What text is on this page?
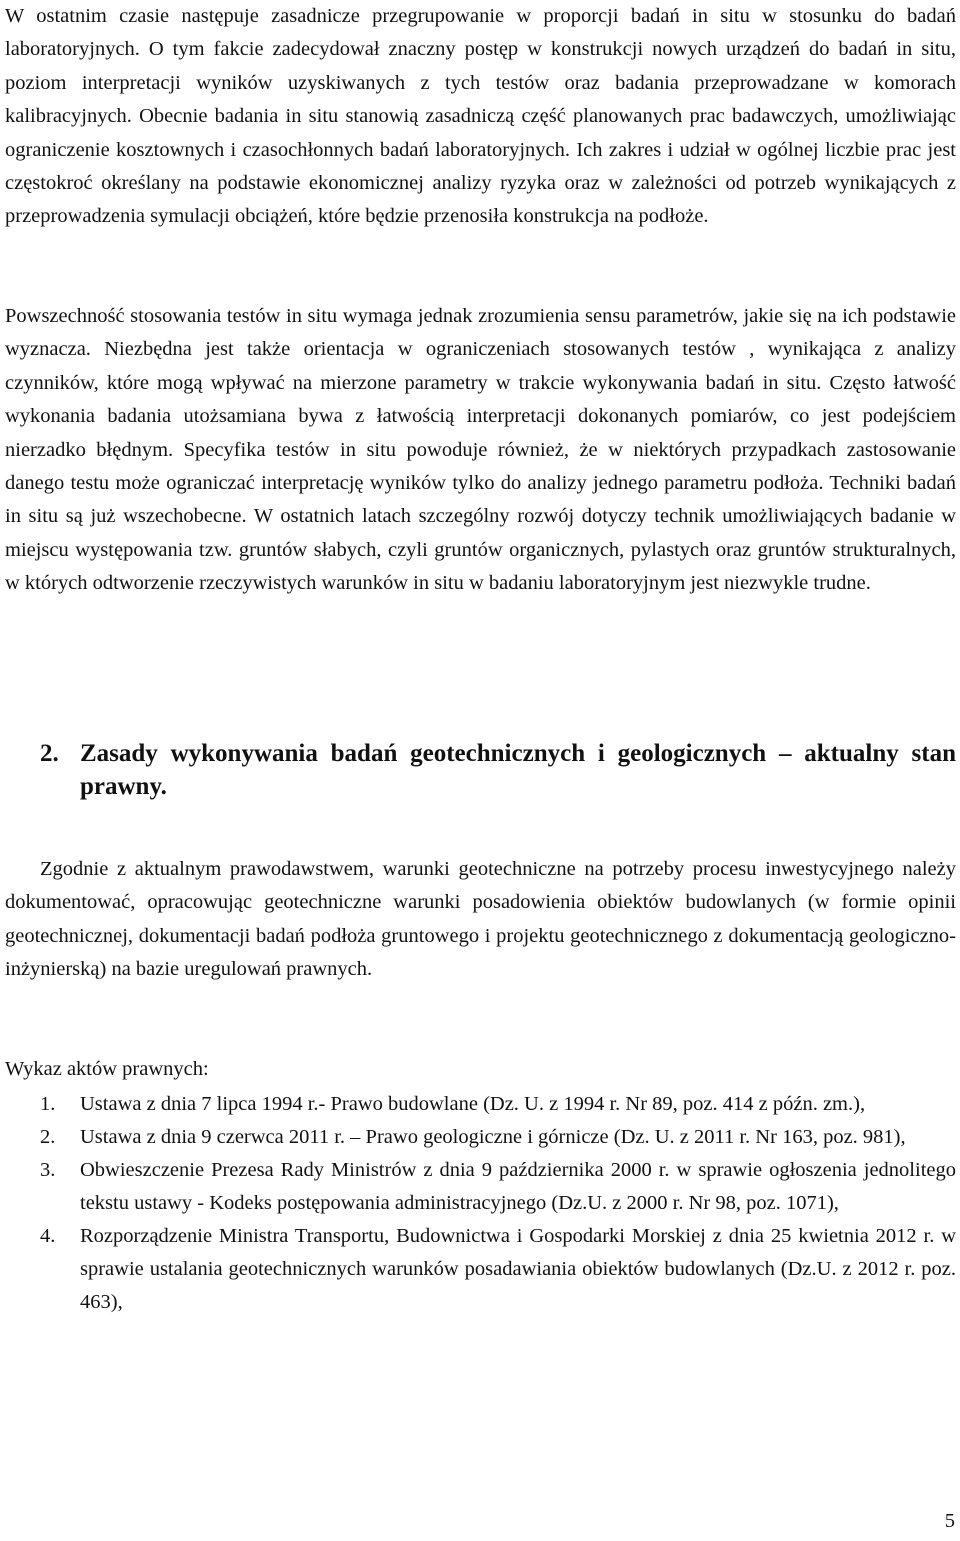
W ostatnim czasie następuje zasadnicze przegrupowanie w proporcji badań in situ w stosunku do badań laboratoryjnych. O tym fakcie zadecydował znaczny postęp w konstrukcji nowych urządzeń do badań in situ, poziom interpretacji wyników uzyskiwanych z tych testów oraz badania przeprowadzane w komorach kalibracyjnych. Obecnie badania in situ stanowią zasadniczą część planowanych prac badawczych, umożliwiając ograniczenie kosztownych i czasochłonnych badań laboratoryjnych. Ich zakres i udział w ogólnej liczbie prac jest częstokroć określany na podstawie ekonomicznej analizy ryzyka oraz w zależności od potrzeb wynikających z przeprowadzenia symulacji obciążeń, które będzie przenosiła konstrukcja na podłoże.

Powszechność stosowania testów in situ wymaga jednak zrozumienia sensu parametrów, jakie się na ich podstawie wyznacza. Niezbędna jest także orientacja w ograniczeniach stosowanych testów , wynikająca z analizy czynników, które mogą wpływać na mierzone parametry w trakcie wykonywania badań in situ. Często łatwość wykonania badania utożsamiana bywa z łatwością interpretacji dokonanych pomiarów, co jest podejściem nierzadko błędnym. Specyfika testów in situ powoduje również, że w niektórych przypadkach zastosowanie danego testu może ograniczać interpretację wyników tylko do analizy jednego parametru podłoża. Techniki badań in situ są już wszechobecne. W ostatnich latach szczególny rozwój dotyczy technik umożliwiających badanie w miejscu występowania tzw. gruntów słabych, czyli gruntów organicznych, pylastych oraz gruntów strukturalnych, w których odtworzenie rzeczywistych warunków in situ w badaniu laboratoryjnym jest niezwykle trudne.

2. Zasady wykonywania badań geotechnicznych i geologicznych – aktualny stan prawny.

Zgodnie z aktualnym prawodawstwem, warunki geotechniczne na potrzeby procesu inwestycyjnego należy dokumentować, opracowując geotechniczne warunki posadowienia obiektów budowlanych (w formie opinii geotechnicznej, dokumentacji badań podłoża gruntowego i projektu geotechnicznego z dokumentacją geologiczno-inżynierską) na bazie uregulowań prawnych.

Wykaz aktów prawnych:

1. Ustawa z dnia 7 lipca 1994 r.- Prawo budowlane (Dz. U. z 1994 r. Nr 89, poz. 414 z późn. zm.),
2. Ustawa z dnia 9 czerwca 2011 r. – Prawo geologiczne i górnicze (Dz. U. z 2011 r. Nr 163, poz. 981),
3. Obwieszczenie Prezesa Rady Ministrów z dnia 9 października 2000 r. w sprawie ogłoszenia jednolitego tekstu ustawy - Kodeks postępowania administracyjnego (Dz.U. z 2000 r. Nr 98, poz. 1071),
4. Rozporządzenie Ministra Transportu, Budownictwa i Gospodarki Morskiej z dnia 25 kwietnia 2012 r. w sprawie ustalania geotechnicznych warunków posadawiania obiektów budowlanych (Dz.U. z 2012 r. poz. 463),
5
